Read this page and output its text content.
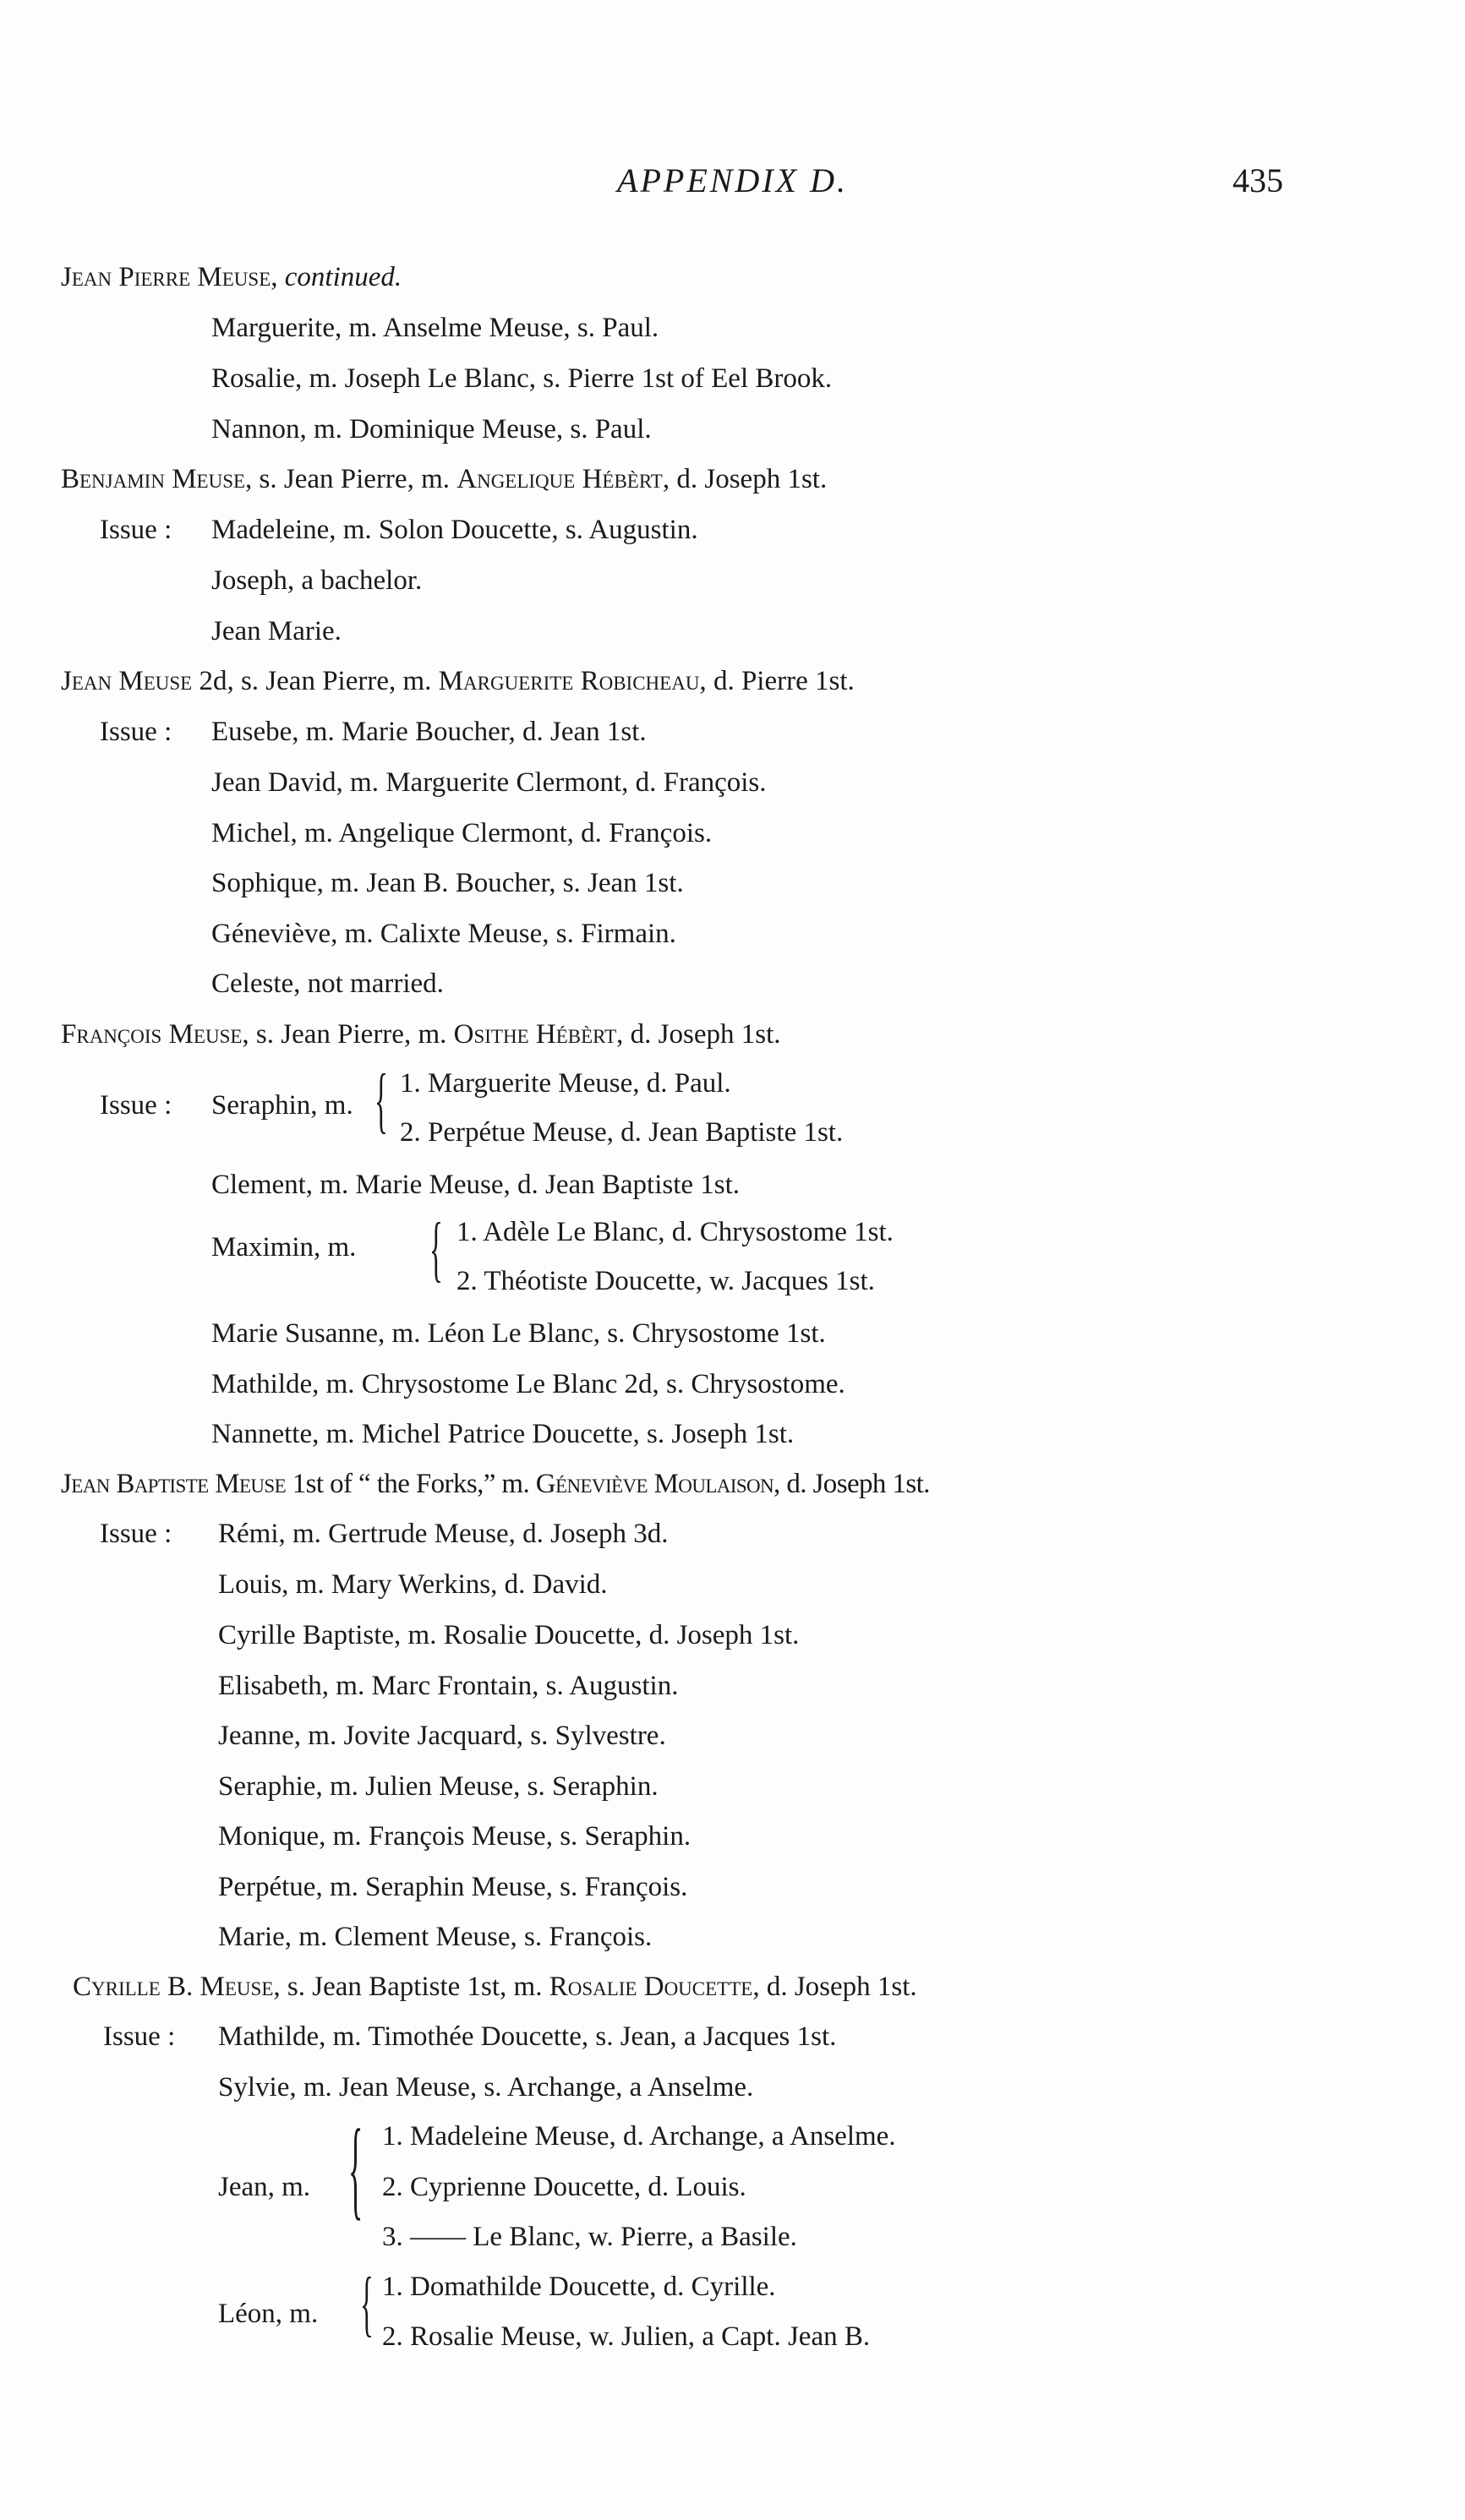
APPENDIX D.	435
Jean Pierre Meuse, continued.
Marguerite, m. Anselme Meuse, s. Paul.
Rosalie, m. Joseph Le Blanc, s. Pierre 1st of Eel Brook.
Nannon, m. Dominique Meuse, s. Paul.
Benjamin Meuse, s. Jean Pierre, m. Angelique Hébèrt, d. Joseph 1st.
Issue : Madeleine, m. Solon Doucette, s. Augustin.
Joseph, a bachelor.
Jean Marie.
Jean Meuse 2d, s. Jean Pierre, m. Marguerite Robicheau, d. Pierre 1st.
Issue : Eusebe, m. Marie Boucher, d. Jean 1st.
Jean David, m. Marguerite Clermont, d. François.
Michel, m. Angelique Clermont, d. François.
Sophique, m. Jean B. Boucher, s. Jean 1st.
Géneviève, m. Calixte Meuse, s. Firmain.
Celeste, not married.
François Meuse, s. Jean Pierre, m. Osithe Hébèrt, d. Joseph 1st.
Issue : Seraphin, m. { 1. Marguerite Meuse, d. Paul.
2. Perpétue Meuse, d. Jean Baptiste 1st.
Clement, m. Marie Meuse, d. Jean Baptiste 1st.
Maximin, m. { 1. Adèle Le Blanc, d. Chrysostome 1st.
2. Théotiste Doucette, w. Jacques 1st.
Marie Susanne, m. Léon Le Blanc, s. Chrysostome 1st.
Mathilde, m. Chrysostome Le Blanc 2d, s. Chrysostome.
Nannette, m. Michel Patrice Doucette, s. Joseph 1st.
Jean Baptiste Meuse 1st of “ the Forks,” m. Géneviève Moulaison, d. Joseph 1st.
Issue : Rémi, m. Gertrude Meuse, d. Joseph 3d.
Louis, m. Mary Werkins, d. David.
Cyrille Baptiste, m. Rosalie Doucette, d. Joseph 1st.
Elisabeth, m. Marc Frontain, s. Augustin.
Jeanne, m. Jovite Jacquard, s. Sylvestre.
Seraphie, m. Julien Meuse, s. Seraphin.
Monique, m. François Meuse, s. Seraphin.
Perpétue, m. Seraphin Meuse, s. François.
Marie, m. Clement Meuse, s. François.
Cyrille B. Meuse, s. Jean Baptiste 1st, m. Rosalie Doucette, d. Joseph 1st.
Issue : Mathilde, m. Timothée Doucette, s. Jean, a Jacques 1st.
Sylvie, m. Jean Meuse, s. Archange, a Anselme.
Jean, m. { 1. Madeleine Meuse, d. Archange, a Anselme.
2. Cyprienne Doucette, d. Louis.
3. —— Le Blanc, w. Pierre, a Basile.
Léon, m. { 1. Domathilde Doucette, d. Cyrille.
2. Rosalie Meuse, w. Julien, a Capt. Jean B.
